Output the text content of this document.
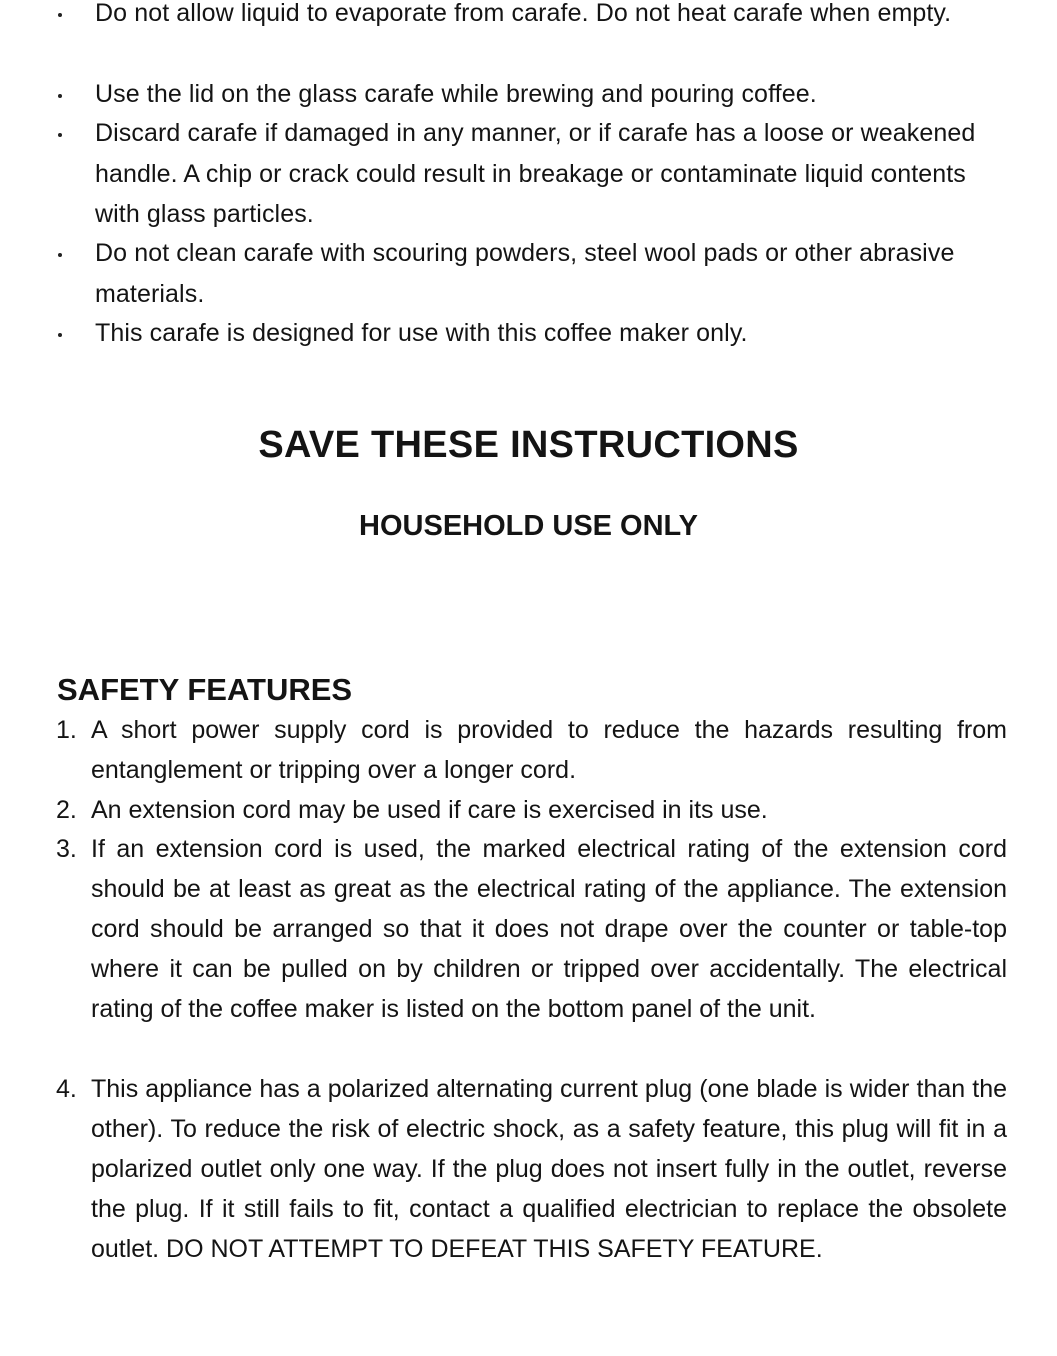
Do not allow liquid to evaporate from carafe. Do not heat carafe when empty.
Use the lid on the glass carafe while brewing and pouring coffee.
Discard carafe if damaged in any manner, or if carafe has a loose or weakened handle. A chip or crack could result in breakage or contaminate liquid contents with glass particles.
Do not clean carafe with scouring powders, steel wool pads or other abrasive materials.
This carafe is designed for use with this coffee maker only.
SAVE THESE INSTRUCTIONS
HOUSEHOLD USE ONLY
SAFETY FEATURES
1. A short power supply cord is provided to reduce the hazards resulting from entanglement or tripping over a longer cord.
2. An extension cord may be used if care is exercised in its use.
3. If an extension cord is used, the marked electrical rating of the extension cord should be at least as great as the electrical rating of the appliance. The extension cord should be arranged so that it does not drape over the counter or table-top where it can be pulled on by children or tripped over accidentally. The electrical rating of the coffee maker is listed on the bottom panel of the unit.
4. This appliance has a polarized alternating current plug (one blade is wider than the other). To reduce the risk of electric shock, as a safety feature, this plug will fit in a polarized outlet only one way. If the plug does not insert fully in the outlet, reverse the plug. If it still fails to fit, contact a qualified electrician to replace the obsolete outlet. DO NOT ATTEMPT TO DEFEAT THIS SAFETY FEATURE.
